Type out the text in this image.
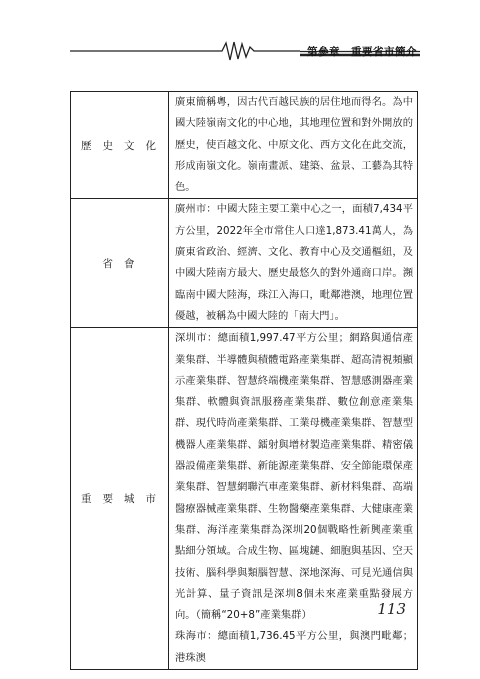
第參章　重要省市簡介
歷史文化	廣東簡稱粵，因古代百越民族的居住地而得名。為中國大陸嶺南文化的中心地，其地理位置和對外開放的歷史，使百越文化、中原文化、西方文化在此交流，形成南嶺文化。嶺南畫派、建築、盆景、工藝為其特色。

省會	廣州市：中國大陸主要工業中心之一，面積7,434平方公里，2022年全市常住人口達1,873.41萬人，為廣東省政治、經濟、文化、教育中心及交通樞紐，及中國大陸南方最大、歷史最悠久的對外通商口岸。瀕臨南中國大陸海，珠江入海口，毗鄰港澳，地理位置優越，被稱為中國大陸的「南大門」。

重要城市	深圳市：總面積1,997.47平方公里；網路與通信產業集群、半導體與積體電路產業集群、超高清視頻顯示產業集群、智慧終端機產業集群、智慧感測器產業集群、軟體與資訊服務產業集群、數位創意產業集群、現代時尚產業集群、工業母機產業集群、智慧型機器人產業集群、鐳射與增材製造產業集群、精密儀器設備產業集群、新能源產業集群、安全節能環保產業集群、智慧網聯汽車產業集群、新材料集群、高端醫療器械產業集群、生物醫藥產業集群、大健康產業集群、海洋產業集群為深圳20個戰略性新興產業重點細分領域。合成生物、區塊鏈、細胞與基因、空天技術、腦科學與類腦智慧、深地深海、可見光通信與光計算、量子資訊是深圳8個未來產業重點發展方向。（簡稱“20+8”產業集群）

珠海市：總面積1,736.45平方公里，與澳門毗鄰；港珠澳

113
